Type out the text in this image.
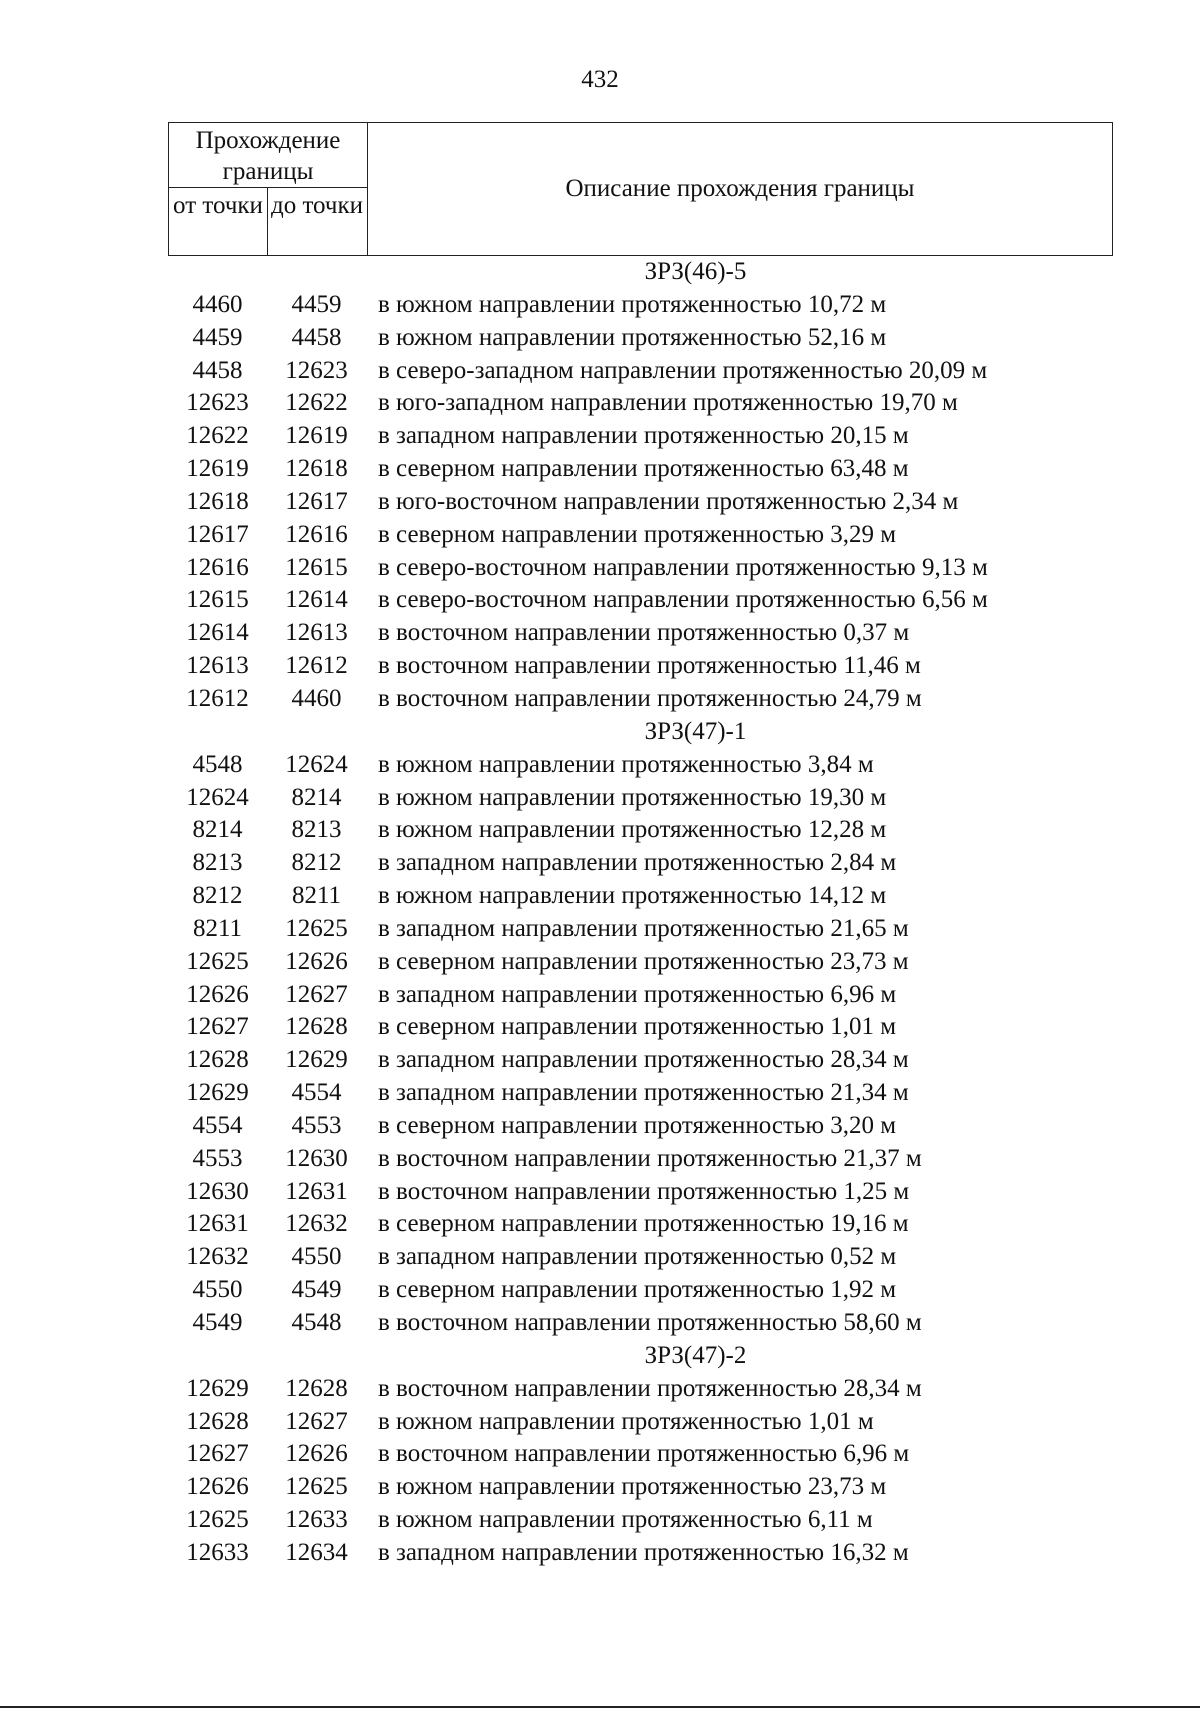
432
Прохождение границы
от точки до точки
Описание прохождения границы
ЗРЗ(46)-5
4460	4459	в южном направлении протяженностью 10,72 м
4459	4458	в южном направлении протяженностью 52,16 м
4458	12623	в северо-западном направлении протяженностью 20,09 м
12623	12622	в юго-западном направлении протяженностью 19,70 м
12622	12619	в западном направлении протяженностью 20,15 м
12619	12618	в северном направлении протяженностью 63,48 м
12618	12617	в юго-восточном направлении протяженностью 2,34 м
12617	12616	в северном направлении протяженностью 3,29 м
12616	12615	в северо-восточном направлении протяженностью 9,13 м
12615	12614	в северо-восточном направлении протяженностью 6,56 м
12614	12613	в восточном направлении протяженностью 0,37 м
12613	12612	в восточном направлении протяженностью 11,46 м
12612	4460	в восточном направлении протяженностью 24,79 м
ЗРЗ(47)-1
4548	12624	в южном направлении протяженностью 3,84 м
12624	8214	в южном направлении протяженностью 19,30 м
8214	8213	в южном направлении протяженностью 12,28 м
8213	8212	в западном направлении протяженностью 2,84 м
8212	8211	в южном направлении протяженностью 14,12 м
8211	12625	в западном направлении протяженностью 21,65 м
12625	12626	в северном направлении протяженностью 23,73 м
12626	12627	в западном направлении протяженностью 6,96 м
12627	12628	в северном направлении протяженностью 1,01 м
12628	12629	в западном направлении протяженностью 28,34 м
12629	4554	в западном направлении протяженностью 21,34 м
4554	4553	в северном направлении протяженностью 3,20 м
4553	12630	в восточном направлении протяженностью 21,37 м
12630	12631	в восточном направлении протяженностью 1,25 м
12631	12632	в северном направлении протяженностью 19,16 м
12632	4550	в западном направлении протяженностью 0,52 м
4550	4549	в северном направлении протяженностью 1,92 м
4549	4548	в восточном направлении протяженностью 58,60 м
ЗРЗ(47)-2
12629	12628	в восточном направлении протяженностью 28,34 м
12628	12627	в южном направлении протяженностью 1,01 м
12627	12626	в восточном направлении протяженностью 6,96 м
12626	12625	в южном направлении протяженностью 23,73 м
12625	12633	в южном направлении протяженностью 6,11 м
12633	12634	в западном направлении протяженностью 16,32 м
